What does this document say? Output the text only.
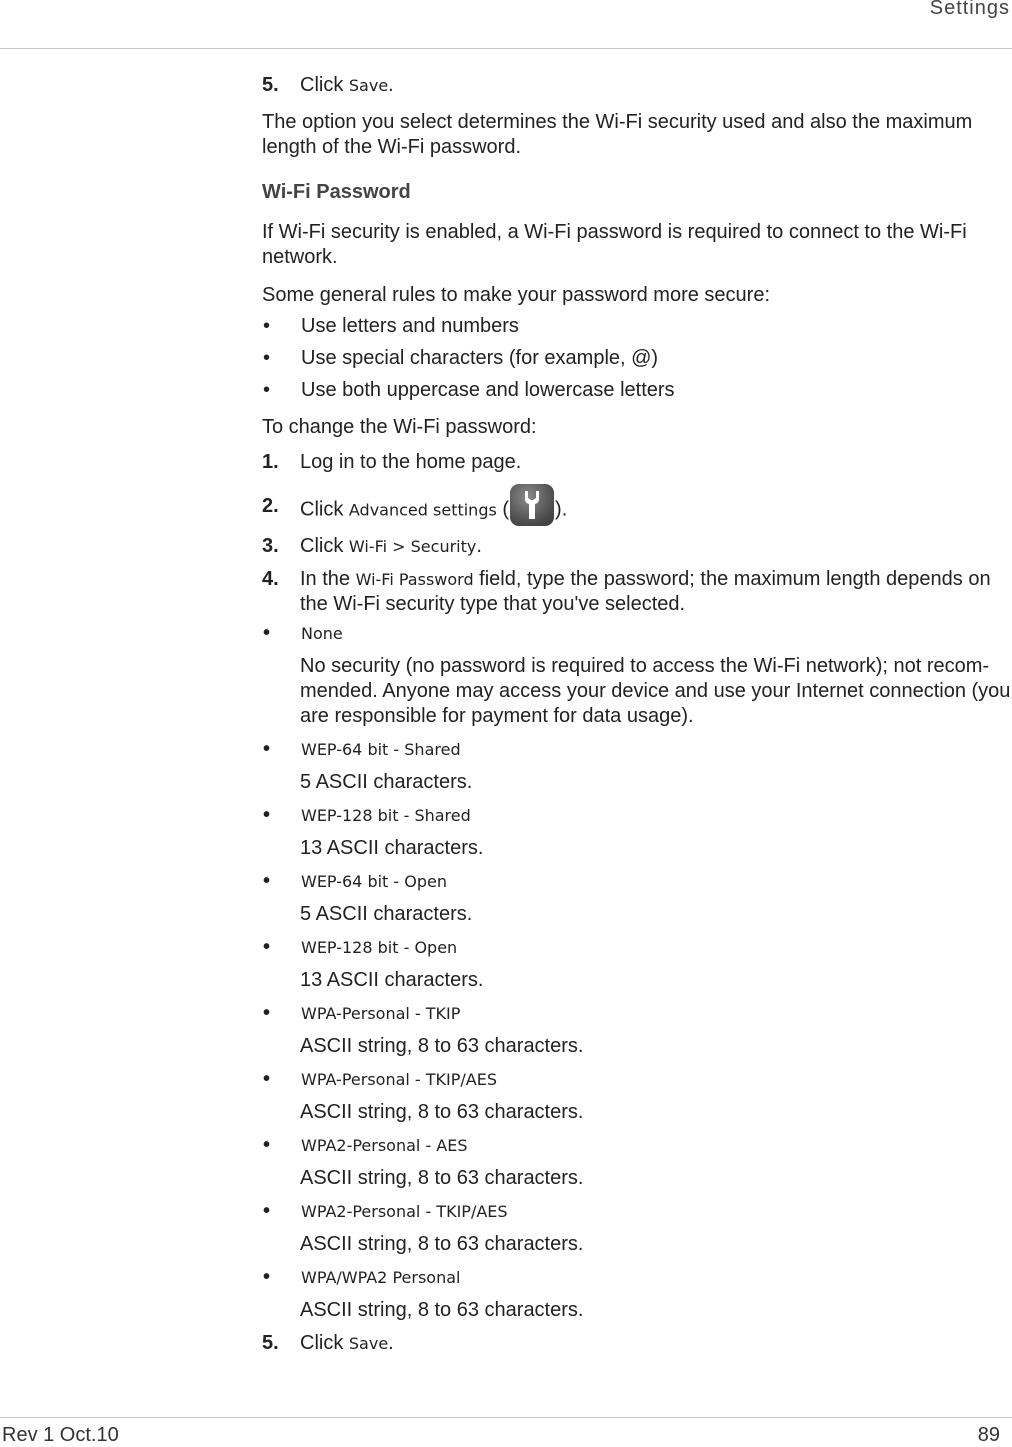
Settings
5.	Click Save.

The option you select determines the Wi-Fi security used and also the maximum length of the Wi-Fi password.

Wi-Fi Password

If Wi-Fi security is enabled, a Wi-Fi password is required to connect to the Wi-Fi network.

Some general rules to make your password more secure:

•	Use letters and numbers
•	Use special characters (for example, @)
•	Use both uppercase and lowercase letters

To change the Wi-Fi password:

1.	Log in to the home page.
2.	Click Advanced settings ( ).
3.	Click Wi-Fi > Security.
4.	In the Wi-Fi Password field, type the password; the maximum length depends on the Wi-Fi security type that you've selected.
•	None

No security (no password is required to access the Wi-Fi network); not recom-mended. Anyone may access your device and use your Internet connection (you are responsible for payment for data usage).

•	WEP-64 bit - Shared

5 ASCII characters.

•	WEP-128 bit - Shared

13 ASCII characters.

•	WEP-64 bit - Open

5 ASCII characters.

•	WEP-128 bit - Open

13 ASCII characters.

•	WPA-Personal - TKIP

ASCII string, 8 to 63 characters.

•	WPA-Personal - TKIP/AES

ASCII string, 8 to 63 characters.

•	WPA2-Personal - AES

ASCII string, 8 to 63 characters.

•	WPA2-Personal - TKIP/AES

ASCII string, 8 to 63 characters.

•	WPA/WPA2 Personal

ASCII string, 8 to 63 characters.

5.	Click Save.
Rev 1 Oct.10	89
